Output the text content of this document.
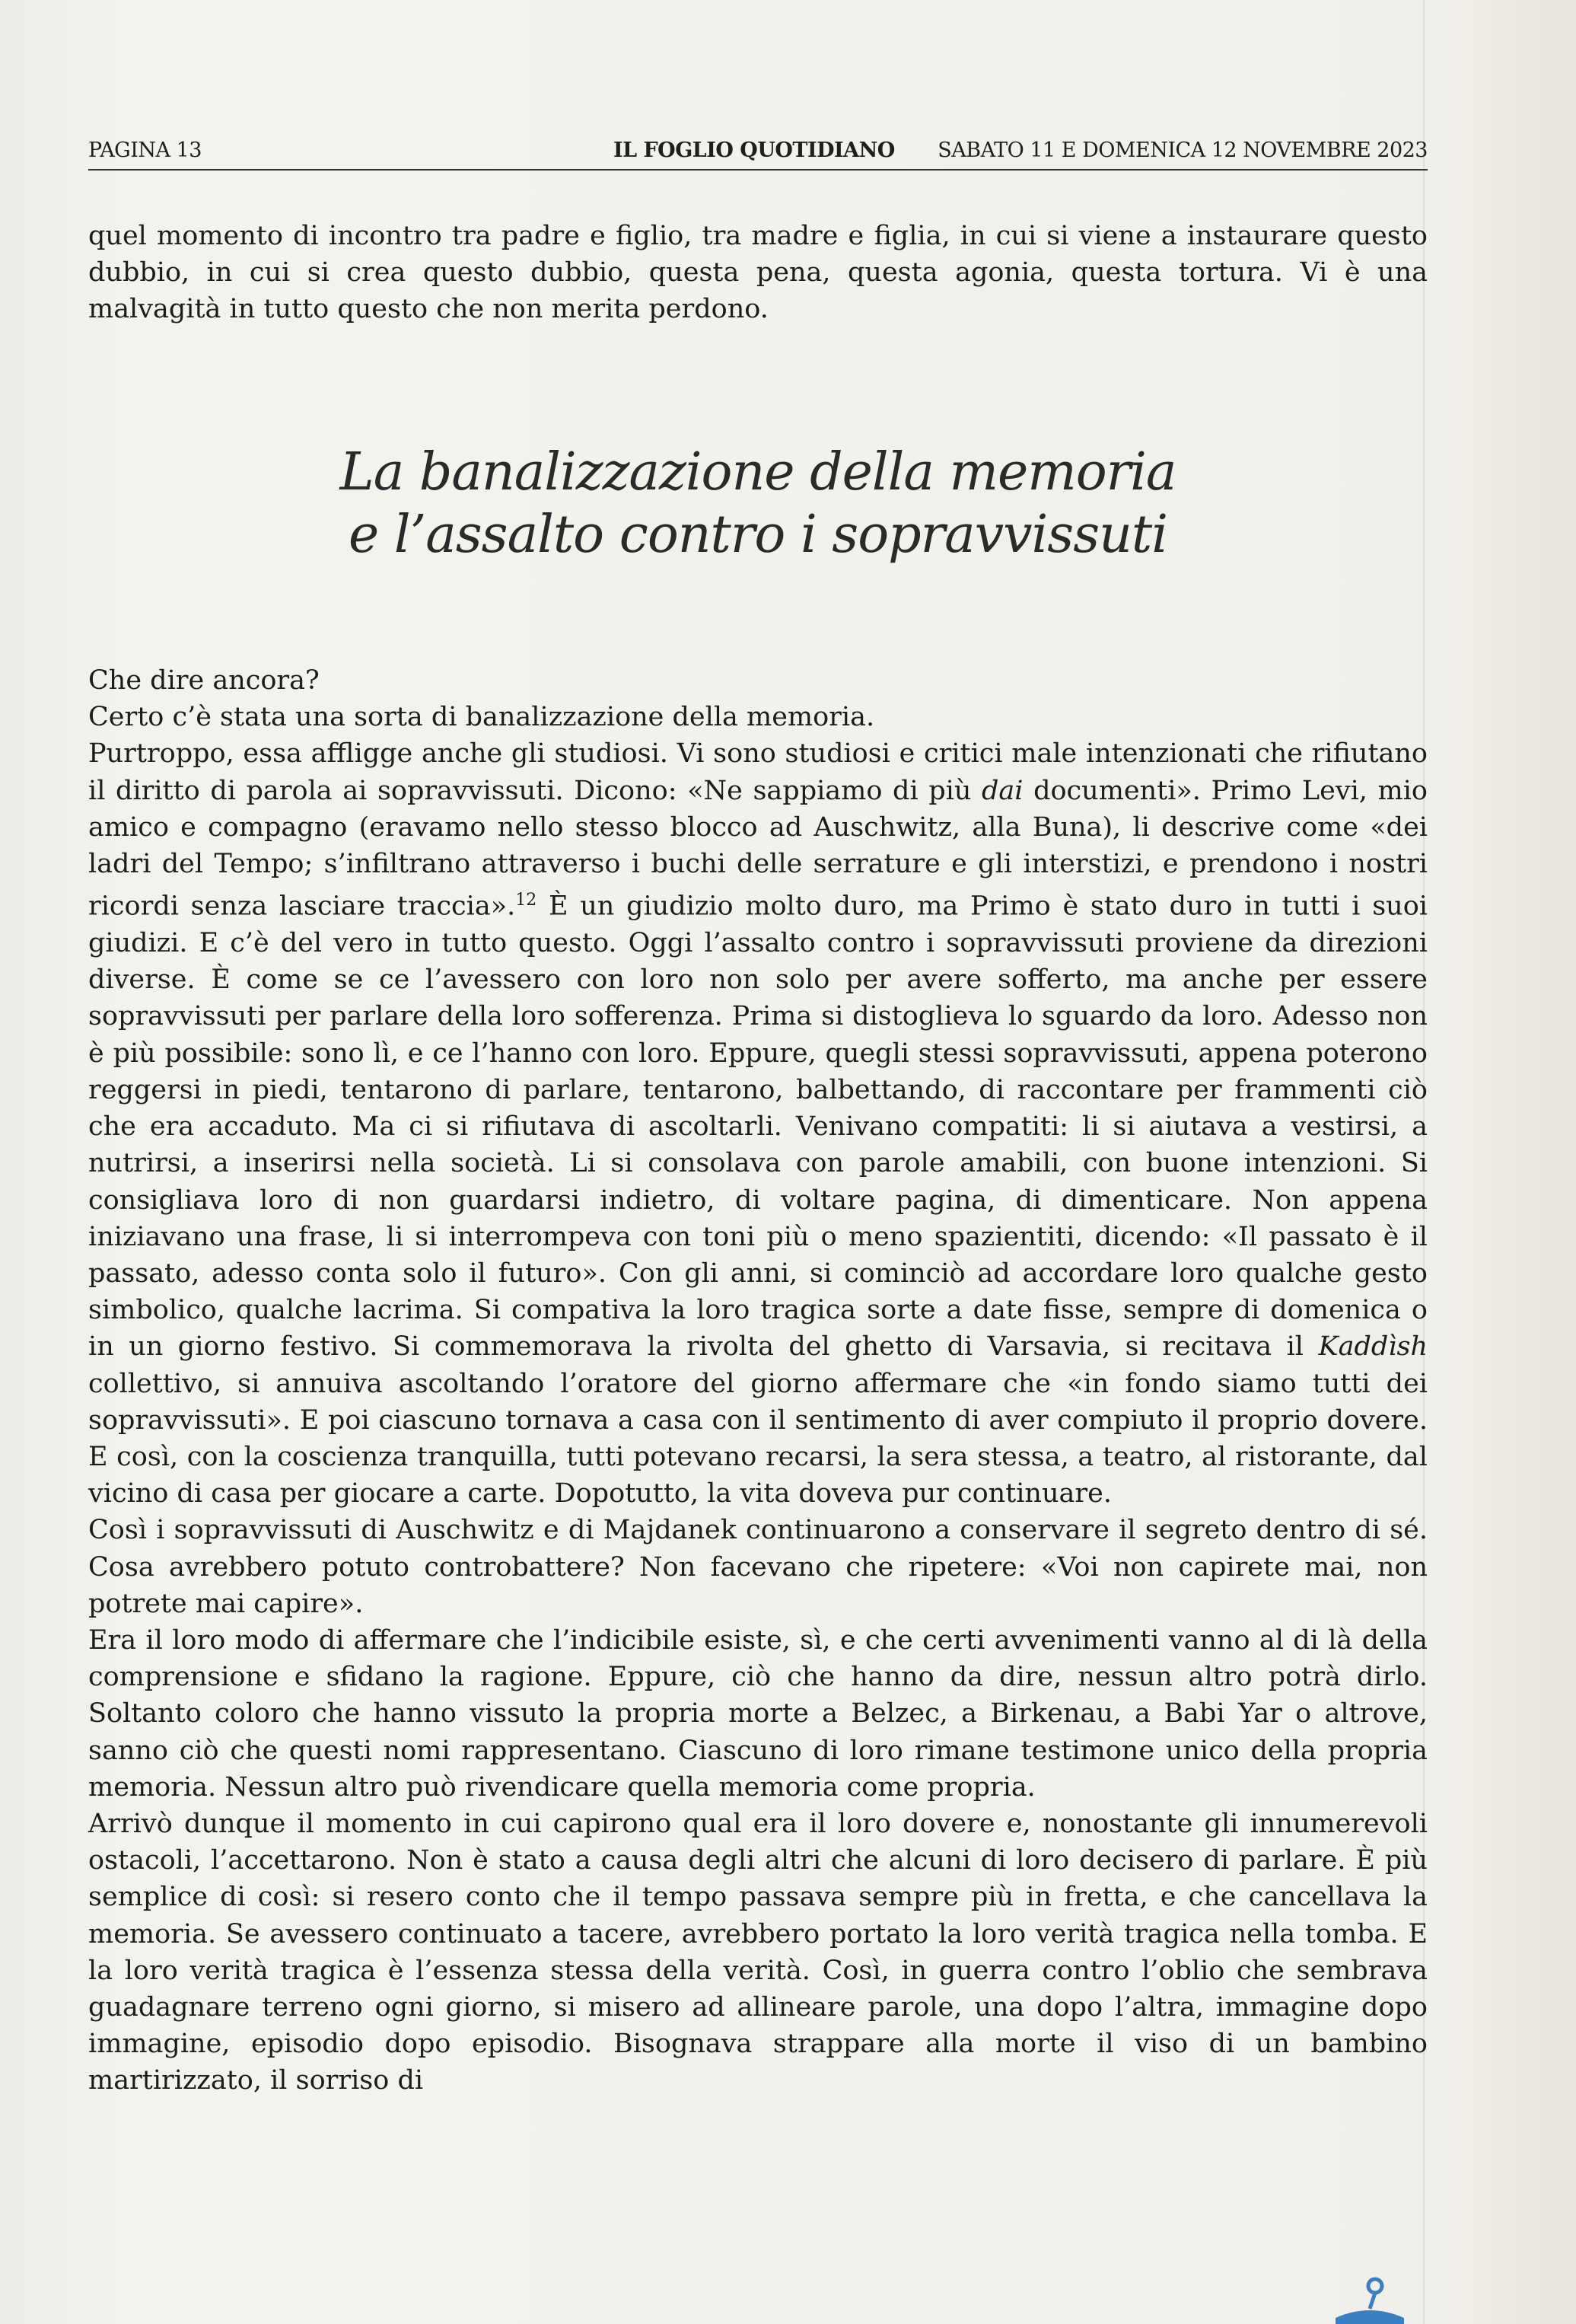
PAGINA 13	IL FOGLIO QUOTIDIANO SABATO 11 E DOMENICA 12 NOVEMBRE 2023

quel momento di incontro tra padre e figlio, tra madre e figlia, in cui si viene a instaurare questo dubbio, in cui si crea questo dubbio, questa pena, questa agonia, questa tortura. Vi è una malvagità in tutto questo che non merita perdono.

La banalizzazione della memoria
e l’assalto contro i sopravvissuti

Che dire ancora?

Certo c’è stata una sorta di banalizzazione della memoria.

Purtroppo, essa affligge anche gli studiosi. Vi sono studiosi e critici male intenzionati che rifiutano il diritto di parola ai sopravvissuti. Dicono: «Ne sappiamo di più dai documenti». Primo Levi, mio amico e compagno (eravamo nello stesso blocco ad Auschwitz, alla Buna), li descrive come «dei ladri del Tempo; s’infiltrano attraverso i buchi delle serrature e gli interstizi, e prendono i nostri ricordi senza lasciare traccia».$^{12}$ È un giudizio molto duro, ma Primo è stato duro in tutti i suoi giudizi. E c’è del vero in tutto questo. Oggi l’assalto contro i sopravvissuti proviene da direzioni diverse. È come se ce l’avessero con loro non solo per avere sofferto, ma anche per essere sopravvissuti per parlare della loro sofferenza. Prima si distoglieva lo sguardo da loro. Adesso non è più possibile: sono lì, e ce l’hanno con loro. Eppure, quegli stessi sopravvissuti, appena poterono reggersi in piedi, tentarono di parlare, tentarono, balbettando, di raccontare per frammenti ciò che era accaduto. Ma ci si rifiutava di ascoltarli. Venivano compatiti: li si aiutava a vestirsi, a nutrirsi, a inserirsi nella società. Li si consolava con parole amabili, con buone intenzioni. Si consigliava loro di non guardarsi indietro, di voltare pagina, di dimenticare. Non appena iniziavano una frase, li si interrompeva con toni più o meno spazientiti, dicendo: «Il passato è il passato, adesso conta solo il futuro». Con gli anni, si cominciò ad accordare loro qualche gesto simbolico, qualche lacrima. Si compativa la loro tragica sorte a date fisse, sempre di domenica o in un giorno festivo. Si commemorava la rivolta del ghetto di Varsavia, si recitava il Kaddìsh collettivo, si annuiva ascoltando l’oratore del giorno affermare che «in fondo siamo tutti dei sopravvissuti». E poi ciascuno tornava a casa con il sentimento di aver compiuto il proprio dovere. E così, con la coscienza tranquilla, tutti potevano recarsi, la sera stessa, a teatro, al ristorante, dal vicino di casa per giocare a carte. Dopotutto, la vita doveva pur continuare.

Così i sopravvissuti di Auschwitz e di Majdanek continuarono a conservare il segreto dentro di sé. Cosa avrebbero potuto controbattere? Non facevano che ripetere: «Voi non capirete mai, non potrete mai capire».

Era il loro modo di affermare che l’indicibile esiste, sì, e che certi avvenimenti vanno al di là della comprensione e sfidano la ragione. Eppure, ciò che hanno da dire, nessun altro potrà dirlo. Soltanto coloro che hanno vissuto la propria morte a Belzec, a Birkenau, a Babi Yar o altrove, sanno ciò che questi nomi rappresentano. Ciascuno di loro rimane testimone unico della propria memoria. Nessun altro può rivendicare quella memoria come propria.

Arrivò dunque il momento in cui capirono qual era il loro dovere e, nonostante gli innumerevoli ostacoli, l’accettarono. Non è stato a causa degli altri che alcuni di loro decisero di parlare. È più semplice di così: si resero conto che il tempo passava sempre più in fretta, e che cancellava la memoria. Se avessero continuato a tacere, avrebbero portato la loro verità tragica nella tomba. E la loro verità tragica è l’essenza stessa della verità. Così, in guerra contro l’oblio che sembrava guadagnare terreno ogni giorno, si misero ad allineare parole, una dopo l’altra, immagine dopo immagine, episodio dopo episodio. Bisognava strappare alla morte il viso di un bambino martirizzato, il sorriso di
